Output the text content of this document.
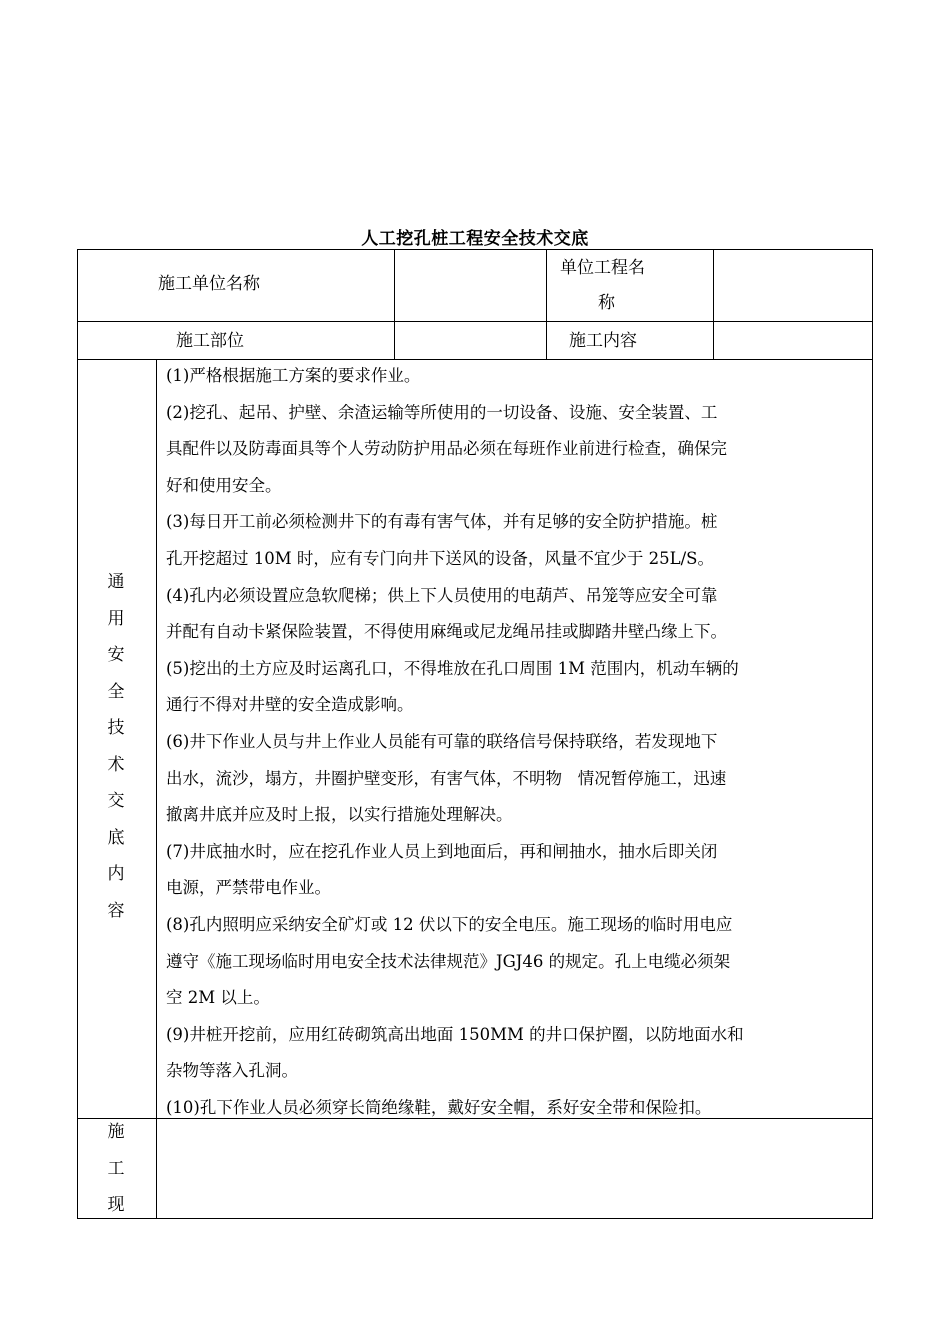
人工挖孔桩工程安全技术交底
施工单位名称
单位工程名
称
施工部位	施工内容
通
用
安
全
技
术
交
底
内
容

(1)严格根据施工方案的要求作业。

(2)挖孔、起吊、护壁、余渣运输等所使用的一切设备、设施、安全装置、工

具配件以及防毒面具等个人劳动防护用品必须在每班作业前进行检查，确保完

好和使用安全。

(3)每日开工前必须检测井下的有毒有害气体，并有足够的安全防护措施。桩

孔开挖超过 10M 时，应有专门向井下送风的设备，风量不宜少于 25L/S。

(4)孔内必须设置应急软爬梯；供上下人员使用的电葫芦、吊笼等应安全可靠

并配有自动卡紧保险装置，不得使用麻绳或尼龙绳吊挂或脚踏井壁凸缘上下。

(5)挖出的土方应及时运离孔口，不得堆放在孔口周围 1M 范围内，机动车辆的

通行不得对井壁的安全造成影响。

(6)井下作业人员与井上作业人员能有可靠的联络信号保持联络，若发现地下

出水，流沙，塌方，井圈护壁变形，有害气体，不明物   情况暂停施工，迅速

撤离井底并应及时上报，以实行措施处理解决。

(7)井底抽水时，应在挖孔作业人员上到地面后，再和闸抽水，抽水后即关闭

电源，严禁带电作业。

(8)孔内照明应采纳安全矿灯或 12 伏以下的安全电压。施工现场的临时用电应

遵守《施工现场临时用电安全技术法律规范》JGJ46 的规定。孔上电缆必须架

空 2M 以上。

(9)井桩开挖前，应用红砖砌筑高出地面 150MM 的井口保护圈，以防地面水和

杂物等落入孔洞。

(10)孔下作业人员必须穿长筒绝缘鞋，戴好安全帽，系好安全带和保险扣。

施
工
现
